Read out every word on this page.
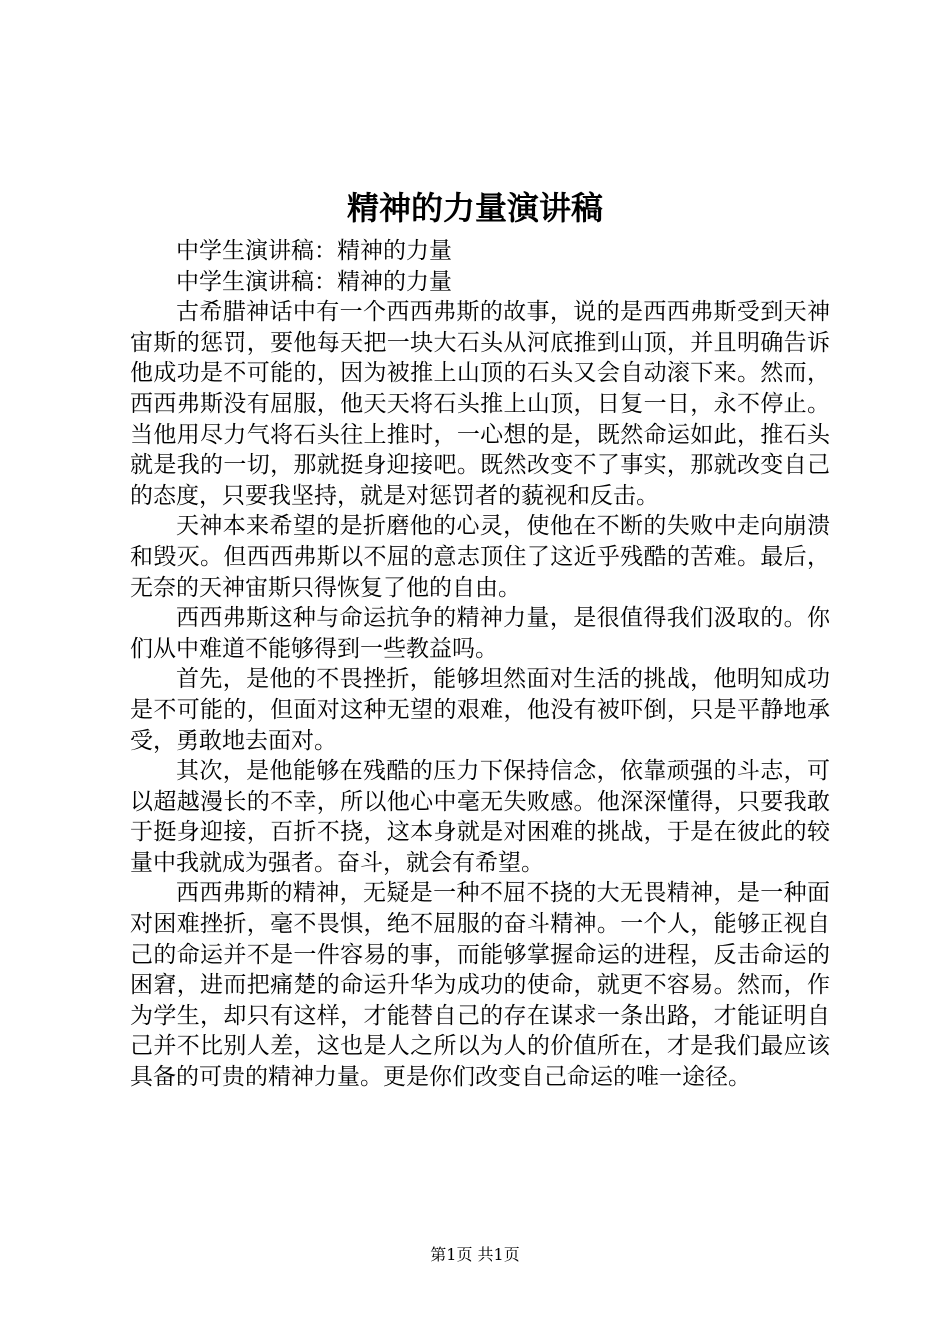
精神的力量演讲稿

中学生演讲稿：精神的力量

中学生演讲稿：精神的力量

古希腊神话中有一个西西弗斯的故事，说的是西西弗斯受到天神宙斯的惩罚，要他每天把一块大石头从河底推到山顶，并且明确告诉他成功是不可能的，因为被推上山顶的石头又会自动滚下来。然而，西西弗斯没有屈服，他天天将石头推上山顶，日复一日，永不停止。当他用尽力气将石头往上推时，一心想的是，既然命运如此，推石头就是我的一切，那就挺身迎接吧。既然改变不了事实，那就改变自己的态度，只要我坚持，就是对惩罚者的藐视和反击。

天神本来希望的是折磨他的心灵，使他在不断的失败中走向崩溃和毁灭。但西西弗斯以不屈的意志顶住了这近乎残酷的苦难。最后，无奈的天神宙斯只得恢复了他的自由。

西西弗斯这种与命运抗争的精神力量，是很值得我们汲取的。你们从中难道不能够得到一些教益吗。

首先，是他的不畏挫折，能够坦然面对生活的挑战，他明知成功是不可能的，但面对这种无望的艰难，他没有被吓倒，只是平静地承受，勇敢地去面对。

其次，是他能够在残酷的压力下保持信念，依靠顽强的斗志，可以超越漫长的不幸，所以他心中毫无失败感。他深深懂得，只要我敢于挺身迎接，百折不挠，这本身就是对困难的挑战，于是在彼此的较量中我就成为强者。奋斗，就会有希望。

西西弗斯的精神，无疑是一种不屈不挠的大无畏精神，是一种面对困难挫折，毫不畏惧，绝不屈服的奋斗精神。一个人，能够正视自己的命运并不是一件容易的事，而能够掌握命运的进程，反击命运的困窘，进而把痛楚的命运升华为成功的使命，就更不容易。然而，作为学生，却只有这样，才能替自己的存在谋求一条出路，才能证明自己并不比别人差，这也是人之所以为人的价值所在，才是我们最应该具备的可贵的精神力量。更是你们改变自己命运的唯一途径。

第1页 共1页
